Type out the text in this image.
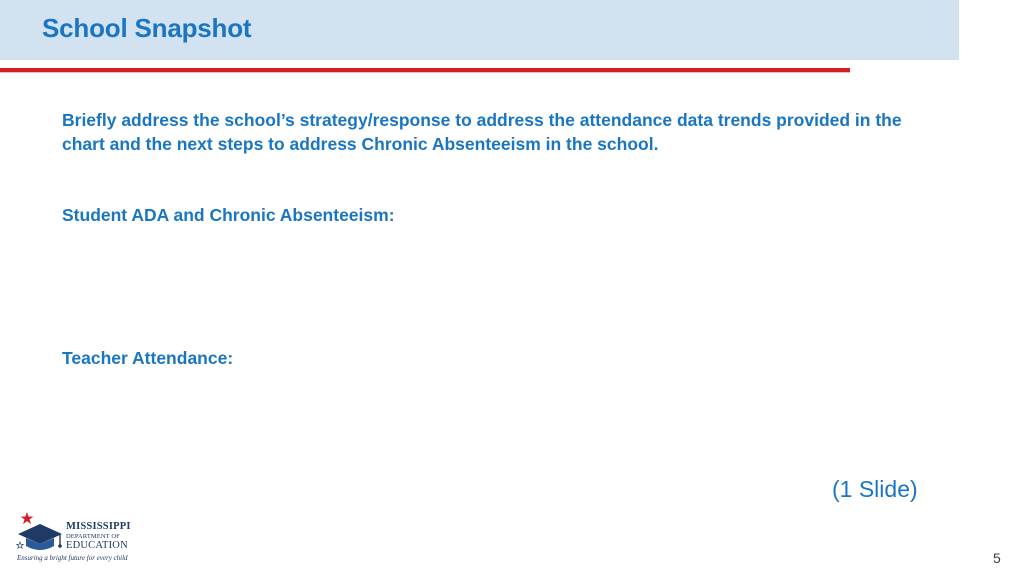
School Snapshot
Briefly address the school’s strategy/response to address the attendance data trends provided in the chart and the next steps to address Chronic Absenteeism in the school.
Student ADA and Chronic Absenteeism:
Teacher Attendance:
(1 Slide)
MISSISSIPPI
DEPARTMENT OF
EDUCATION
Ensuring a bright future for every child	5
